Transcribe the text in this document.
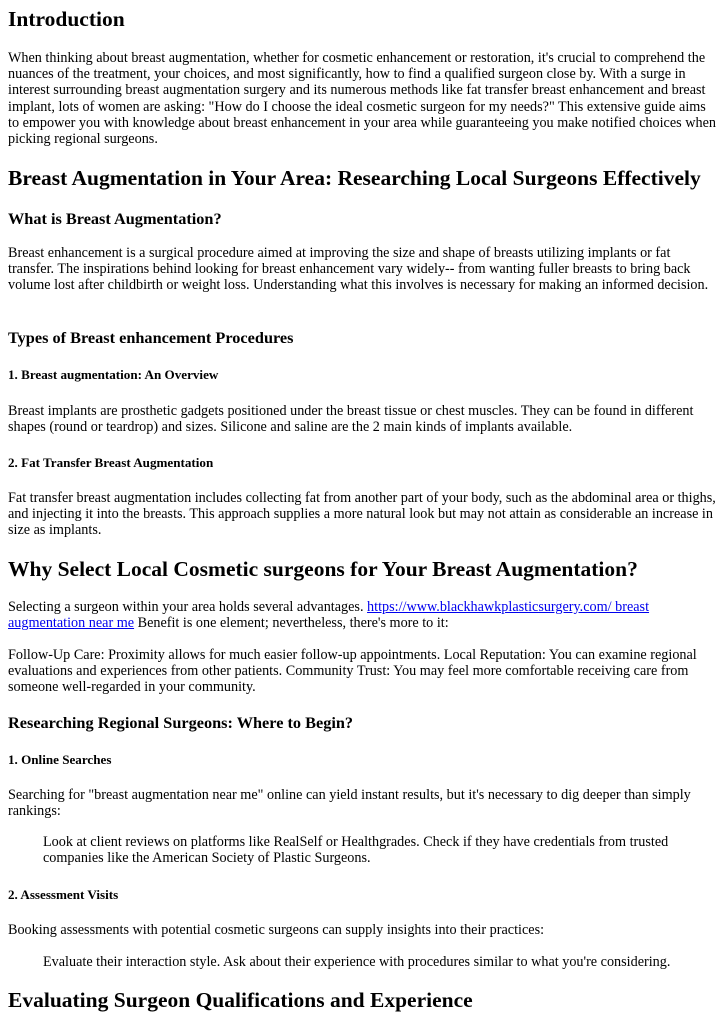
Introduction

When thinking about breast augmentation, whether for cosmetic enhancement or restoration, it's crucial to comprehend the nuances of the treatment, your choices, and most significantly, how to find a qualified surgeon close by. With a surge in interest surrounding breast augmentation surgery and its numerous methods like fat transfer breast enhancement and breast implant, lots of women are asking: "How do I choose the ideal cosmetic surgeon for my needs?" This extensive guide aims to empower you with knowledge about breast enhancement in your area while guaranteeing you make notified choices when picking regional surgeons.

Breast Augmentation in Your Area: Researching Local Surgeons Effectively
What is Breast Augmentation?

Breast enhancement is a surgical procedure aimed at improving the size and shape of breasts utilizing implants or fat transfer. The inspirations behind looking for breast enhancement vary widely-- from wanting fuller breasts to bring back volume lost after childbirth or weight loss. Understanding what this involves is necessary for making an informed decision.

Types of Breast enhancement Procedures
1. Breast augmentation: An Overview

Breast implants are prosthetic gadgets positioned under the breast tissue or chest muscles. They can be found in different shapes (round or teardrop) and sizes. Silicone and saline are the 2 main kinds of implants available.

2. Fat Transfer Breast Augmentation

Fat transfer breast augmentation includes collecting fat from another part of your body, such as the abdominal area or thighs, and injecting it into the breasts. This approach supplies a more natural look but may not attain as considerable an increase in size as implants.

Why Select Local Cosmetic surgeons for Your Breast Augmentation?

Selecting a surgeon within your area holds several advantages. https://www.blackhawkplasticsurgery.com/ breast augmentation near me Benefit is one element; nevertheless, there's more to it:

Follow-Up Care: Proximity allows for much easier follow-up appointments. Local Reputation: You can examine regional evaluations and experiences from other patients. Community Trust: You may feel more comfortable receiving care from someone well-regarded in your community.

Researching Regional Surgeons: Where to Begin?
1. Online Searches

Searching for "breast augmentation near me" online can yield instant results, but it's necessary to dig deeper than simply rankings:

Look at client reviews on platforms like RealSelf or Healthgrades. Check if they have credentials from trusted companies like the American Society of Plastic Surgeons.

2. Assessment Visits

Booking assessments with potential cosmetic surgeons can supply insights into their practices:

Evaluate their interaction style. Ask about their experience with procedures similar to what you're considering.

Evaluating Surgeon Qualifications and Experience
